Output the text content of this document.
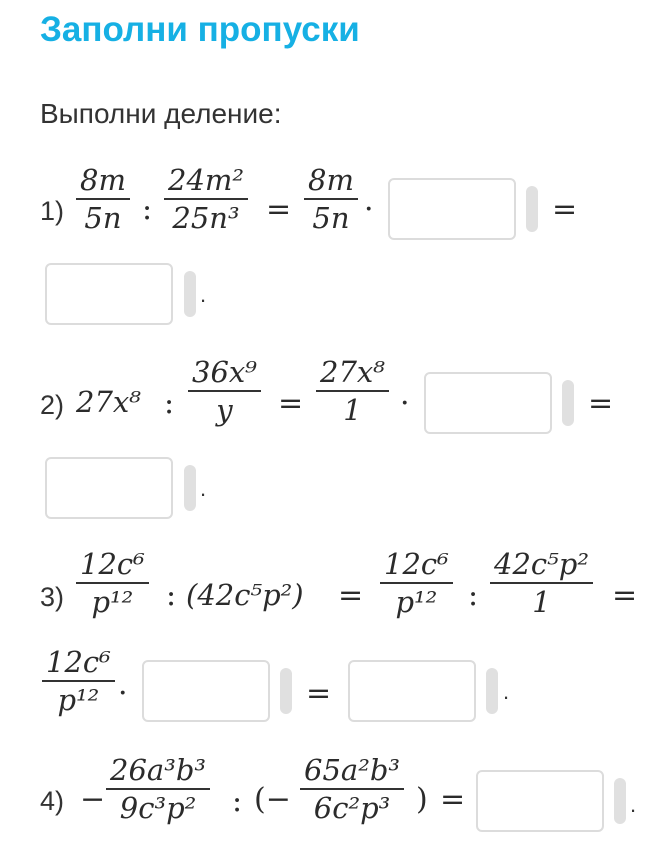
Заполни пропуски
Выполни деление:
1)
8m
5n :
24m²
25n³ =
8m
5n ·	=
.
2) 27x⁸ :
36x⁹
y =
27x⁸
1 ·	=
.
3)
12c⁶
p¹² : (42c⁵p²) =
12c⁶
p¹² :
42c⁵p²
1 =
12c⁶
p¹² ·	=	.
4) −
26a³b³
9c³p² : (−
65a²b³
6c²p³ ) =	.
